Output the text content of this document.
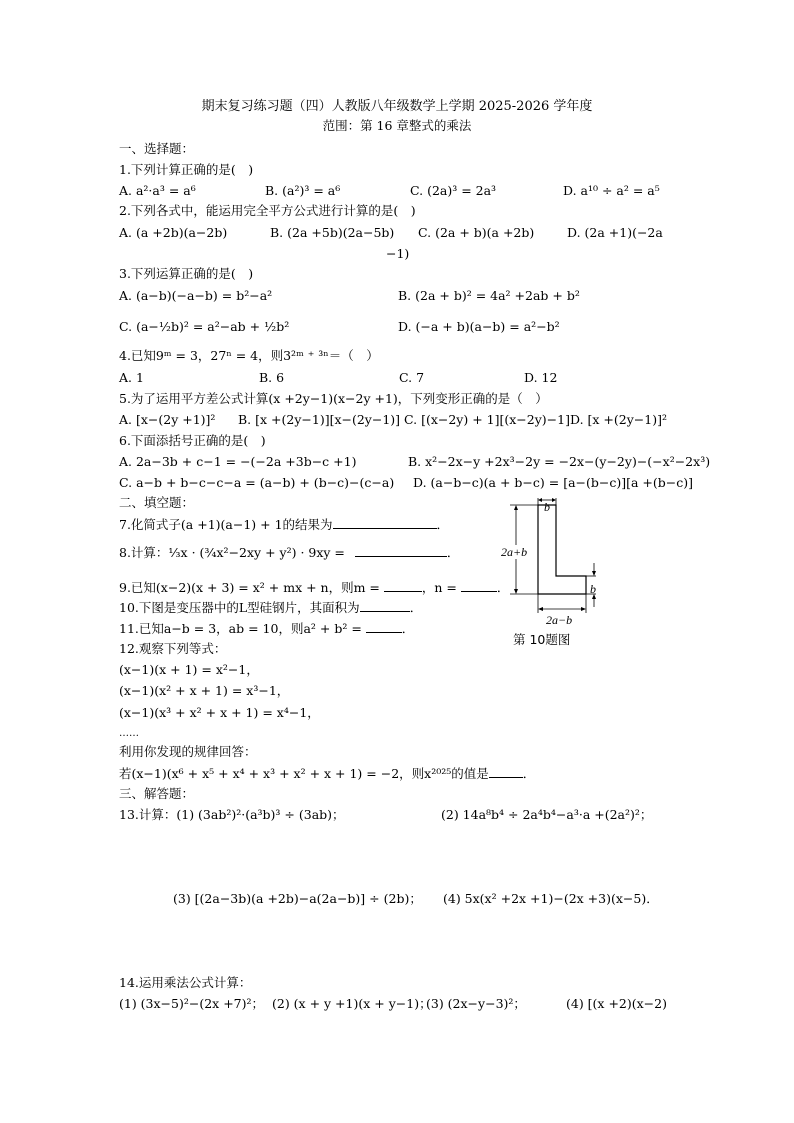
期末复习练习题（四）人教版八年级数学上学期 2025-2026 学年度
范围：第 16 章整式的乘法
一、选择题：
1.下列计算正确的是(　)
A. a²·a³ = a⁶	B. (a²)³ = a⁶	C. (2a)³ = 2a³	D. a¹⁰ ÷ a² = a⁵
2.下列各式中，能运用完全平方公式进行计算的是(　)
A. (a +2b)(a−2b)	B. (2a +5b)(2a−5b) C. (2a + b)(a +2b)	D. (2a +1)(−2a
−1)
3.下列运算正确的是(　)
A. (a−b)(−a−b) = b²−a²	B. (2a + b)² = 4a² +2ab + b²
C. (a−½b)² = a²−ab + ½b²	D. (−a + b)(a−b) = a²−b²
4.已知9ᵐ = 3，27ⁿ = 4，则3²ᵐ ⁺ ³ⁿ＝（　）
A. 1	B. 6	C. 7	D. 12
5.为了运用平方差公式计算(x +2y−1)(x−2y +1)，下列变形正确的是（　）
A. [x−(2y +1)]² B. [x +(2y−1)][x−(2y−1)] C. [(x−2y) + 1][(x−2y)−1] D. [x +(2y−1)]²
6.下面添括号正确的是(　)
A. 2a−3b + c−1 = −(−2a +3b−c +1)	B. x²−2x−y +2x³−2y = −2x−(y−2y)−(−x²−2x³)
C. a−b + b−c−c−a = (a−b) + (b−c)−(c−a) D. (a−b−c)(a + b−c) = [a−(b−c)][a +(b−c)]
二、填空题：
7.化简式子(a +1)(a−1) + 1的结果为	．
8.计算：⅓x · (¾x²−2xy + y²) · 9xy =	．
9.已知(x−2)(x + 3) = x² + mx + n，则m =	，n =	．
10.下图是变压器中的L型硅钢片，其面积为	．
11.已知a−b = 3，ab = 10，则a² + b² =	．
12.观察下列等式：
(x−1)(x + 1) = x²−1，
(x−1)(x² + x + 1) = x³−1，
(x−1)(x³ + x² + x + 1) = x⁴−1，
……
利用你发现的规律回答：
若(x−1)(x⁶ + x⁵ + x⁴ + x³ + x² + x + 1) = −2，则x²⁰²⁵的值是	．
b
2a+b
b
2a−b
第 10题图
三、解答题：
13.计算：(1) (3ab²)²·(a³b)³ ÷ (3ab)；	(2) 14a⁸b⁴ ÷ 2a⁴b⁴−a³·a +(2a²)²；
(3) [(2a−3b)(a +2b)−a(2a−b)] ÷ (2b)； (4) 5x(x² +2x +1)−(2x +3)(x−5)．
14.运用乘法公式计算：
(1) (3x−5)²−(2x +7)²； (2) (x + y +1)(x + y−1)；
(3) (2x−y−3)²；	(4) [(x +2)(x−2)
